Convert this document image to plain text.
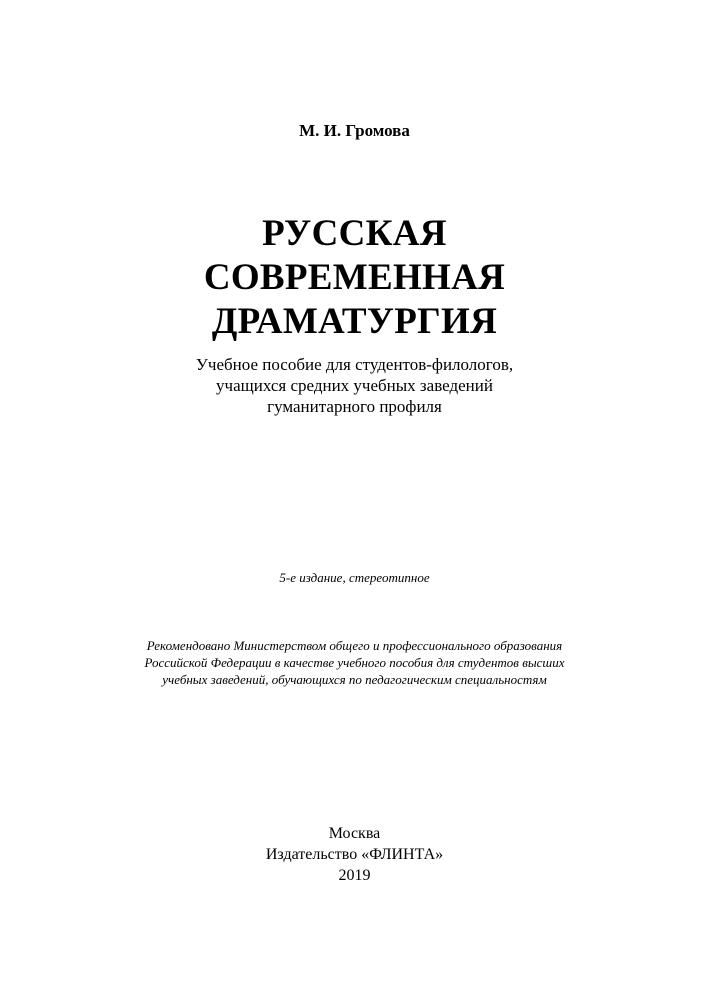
М. И. Громова
РУССКАЯ
СОВРЕМЕННАЯ
ДРАМАТУРГИЯ
Учебное пособие для студентов-филологов,
учащихся средних учебных заведений
гуманитарного профиля
5-е издание, стереотипное
Рекомендовано Министерством общего и профессионального образования
Российской Федерации в качестве учебного пособия для студентов высших
учебных заведений, обучающихся по педагогическим специальностям
Москва
Издательство «ФЛИНТА»
2019
